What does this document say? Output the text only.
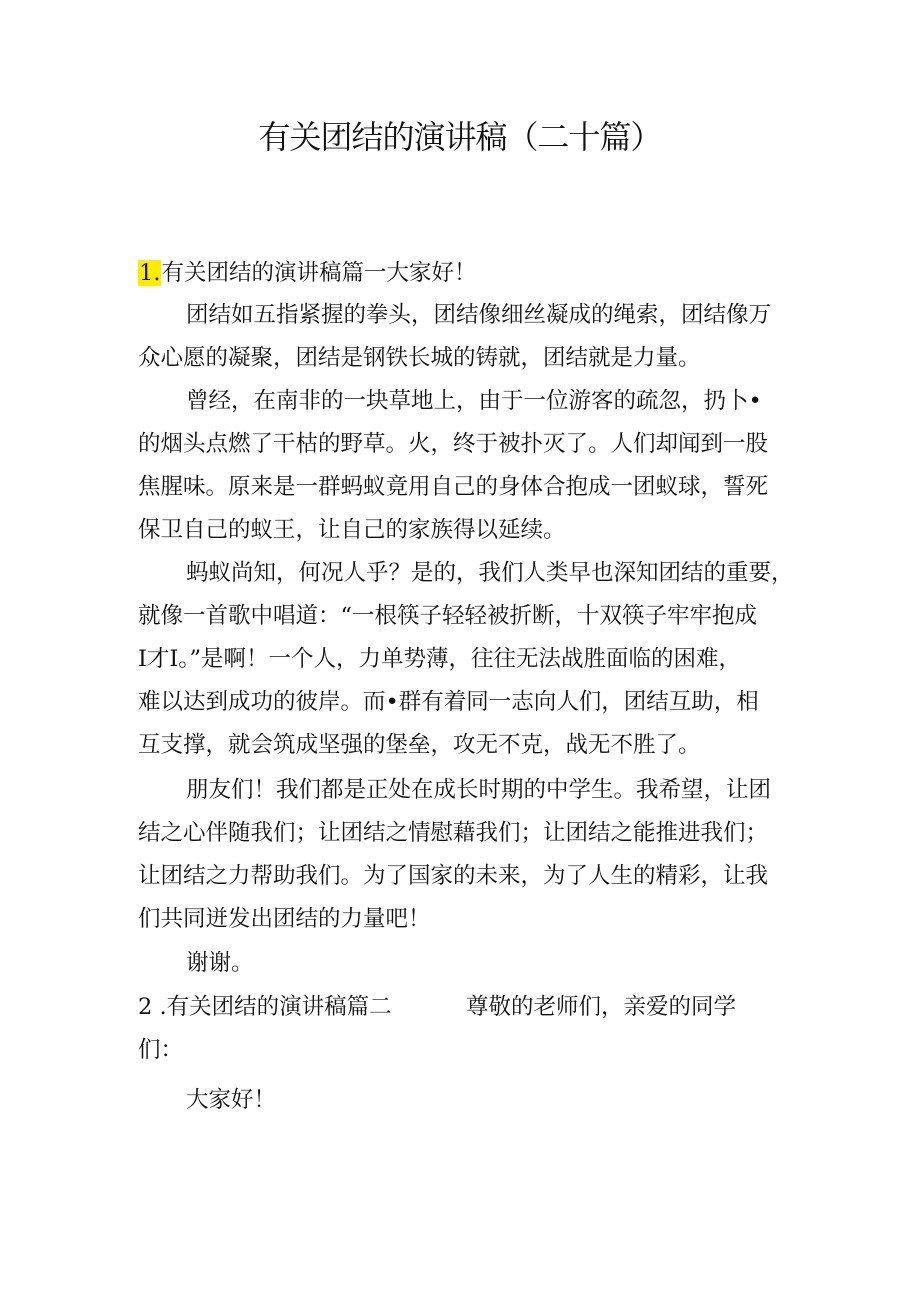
有关团结的演讲稿（二十篇）
1.有关团结的演讲稿篇一大家好！
团结如五指紧握的拳头，团结像细丝凝成的绳索，团结像万
众心愿的凝聚，团结是钢铁长城的铸就，团结就是力量。
曾经，在南非的一块草地上，由于一位游客的疏忽，扔卜•
的烟头点燃了干枯的野草。火，终于被扑灭了。人们却闻到一股
焦腥味。原来是一群蚂蚁竟用自己的身体合抱成一团蚁球，誓死
保卫自己的蚁王，让自己的家族得以延续。
蚂蚁尚知，何况人乎？是的，我们人类早也深知团结的重要，
就像一首歌中唱道：“一根筷子轻轻被折断，十双筷子牢牢抱成
I才I。”是啊！一个人，力单势薄，往往无法战胜面临的困难，
难以达到成功的彼岸。而•群有着同一志向人们，团结互助，相
互支撑，就会筑成坚强的堡垒，攻无不克，战无不胜了。
朋友们！我们都是正处在成长时期的中学生。我希望，让团
结之心伴随我们；让团结之情慰藉我们；让团结之能推进我们；
让团结之力帮助我们。为了国家的未来，为了人生的精彩，让我
们共同迸发出团结的力量吧！
谢谢。
2 .有关团结的演讲稿篇二	尊敬的老师们，亲爱的同学
们：
大家好！
